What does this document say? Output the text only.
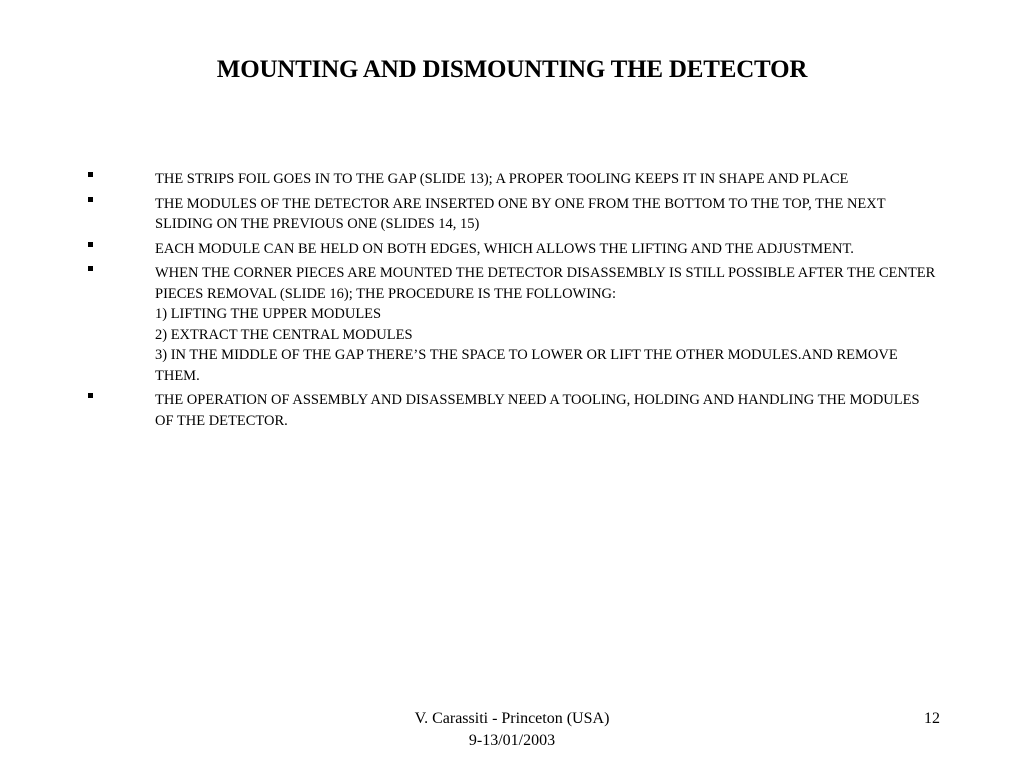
MOUNTING AND DISMOUNTING THE DETECTOR
THE STRIPS FOIL GOES IN TO THE GAP (SLIDE 13); A PROPER TOOLING KEEPS IT IN SHAPE AND PLACE
THE MODULES OF THE DETECTOR ARE INSERTED ONE BY ONE FROM THE BOTTOM TO THE TOP, THE NEXT SLIDING ON THE PREVIOUS ONE (SLIDES 14, 15)
EACH MODULE CAN BE HELD ON BOTH EDGES, WHICH ALLOWS THE LIFTING AND THE ADJUSTMENT.
WHEN THE CORNER PIECES ARE MOUNTED THE DETECTOR DISASSEMBLY IS STILL POSSIBLE AFTER THE CENTER PIECES REMOVAL (SLIDE 16); THE PROCEDURE IS THE FOLLOWING:
1) LIFTING THE UPPER MODULES
2) EXTRACT THE CENTRAL MODULES
3) IN THE MIDDLE OF THE GAP THERE’S THE SPACE TO LOWER OR LIFT THE OTHER MODULES.AND REMOVE THEM.
THE OPERATION OF ASSEMBLY AND DISASSEMBLY NEED A TOOLING, HOLDING AND HANDLING THE MODULES OF THE DETECTOR.
V. Carassiti - Princeton (USA)
9-13/01/2003
12
